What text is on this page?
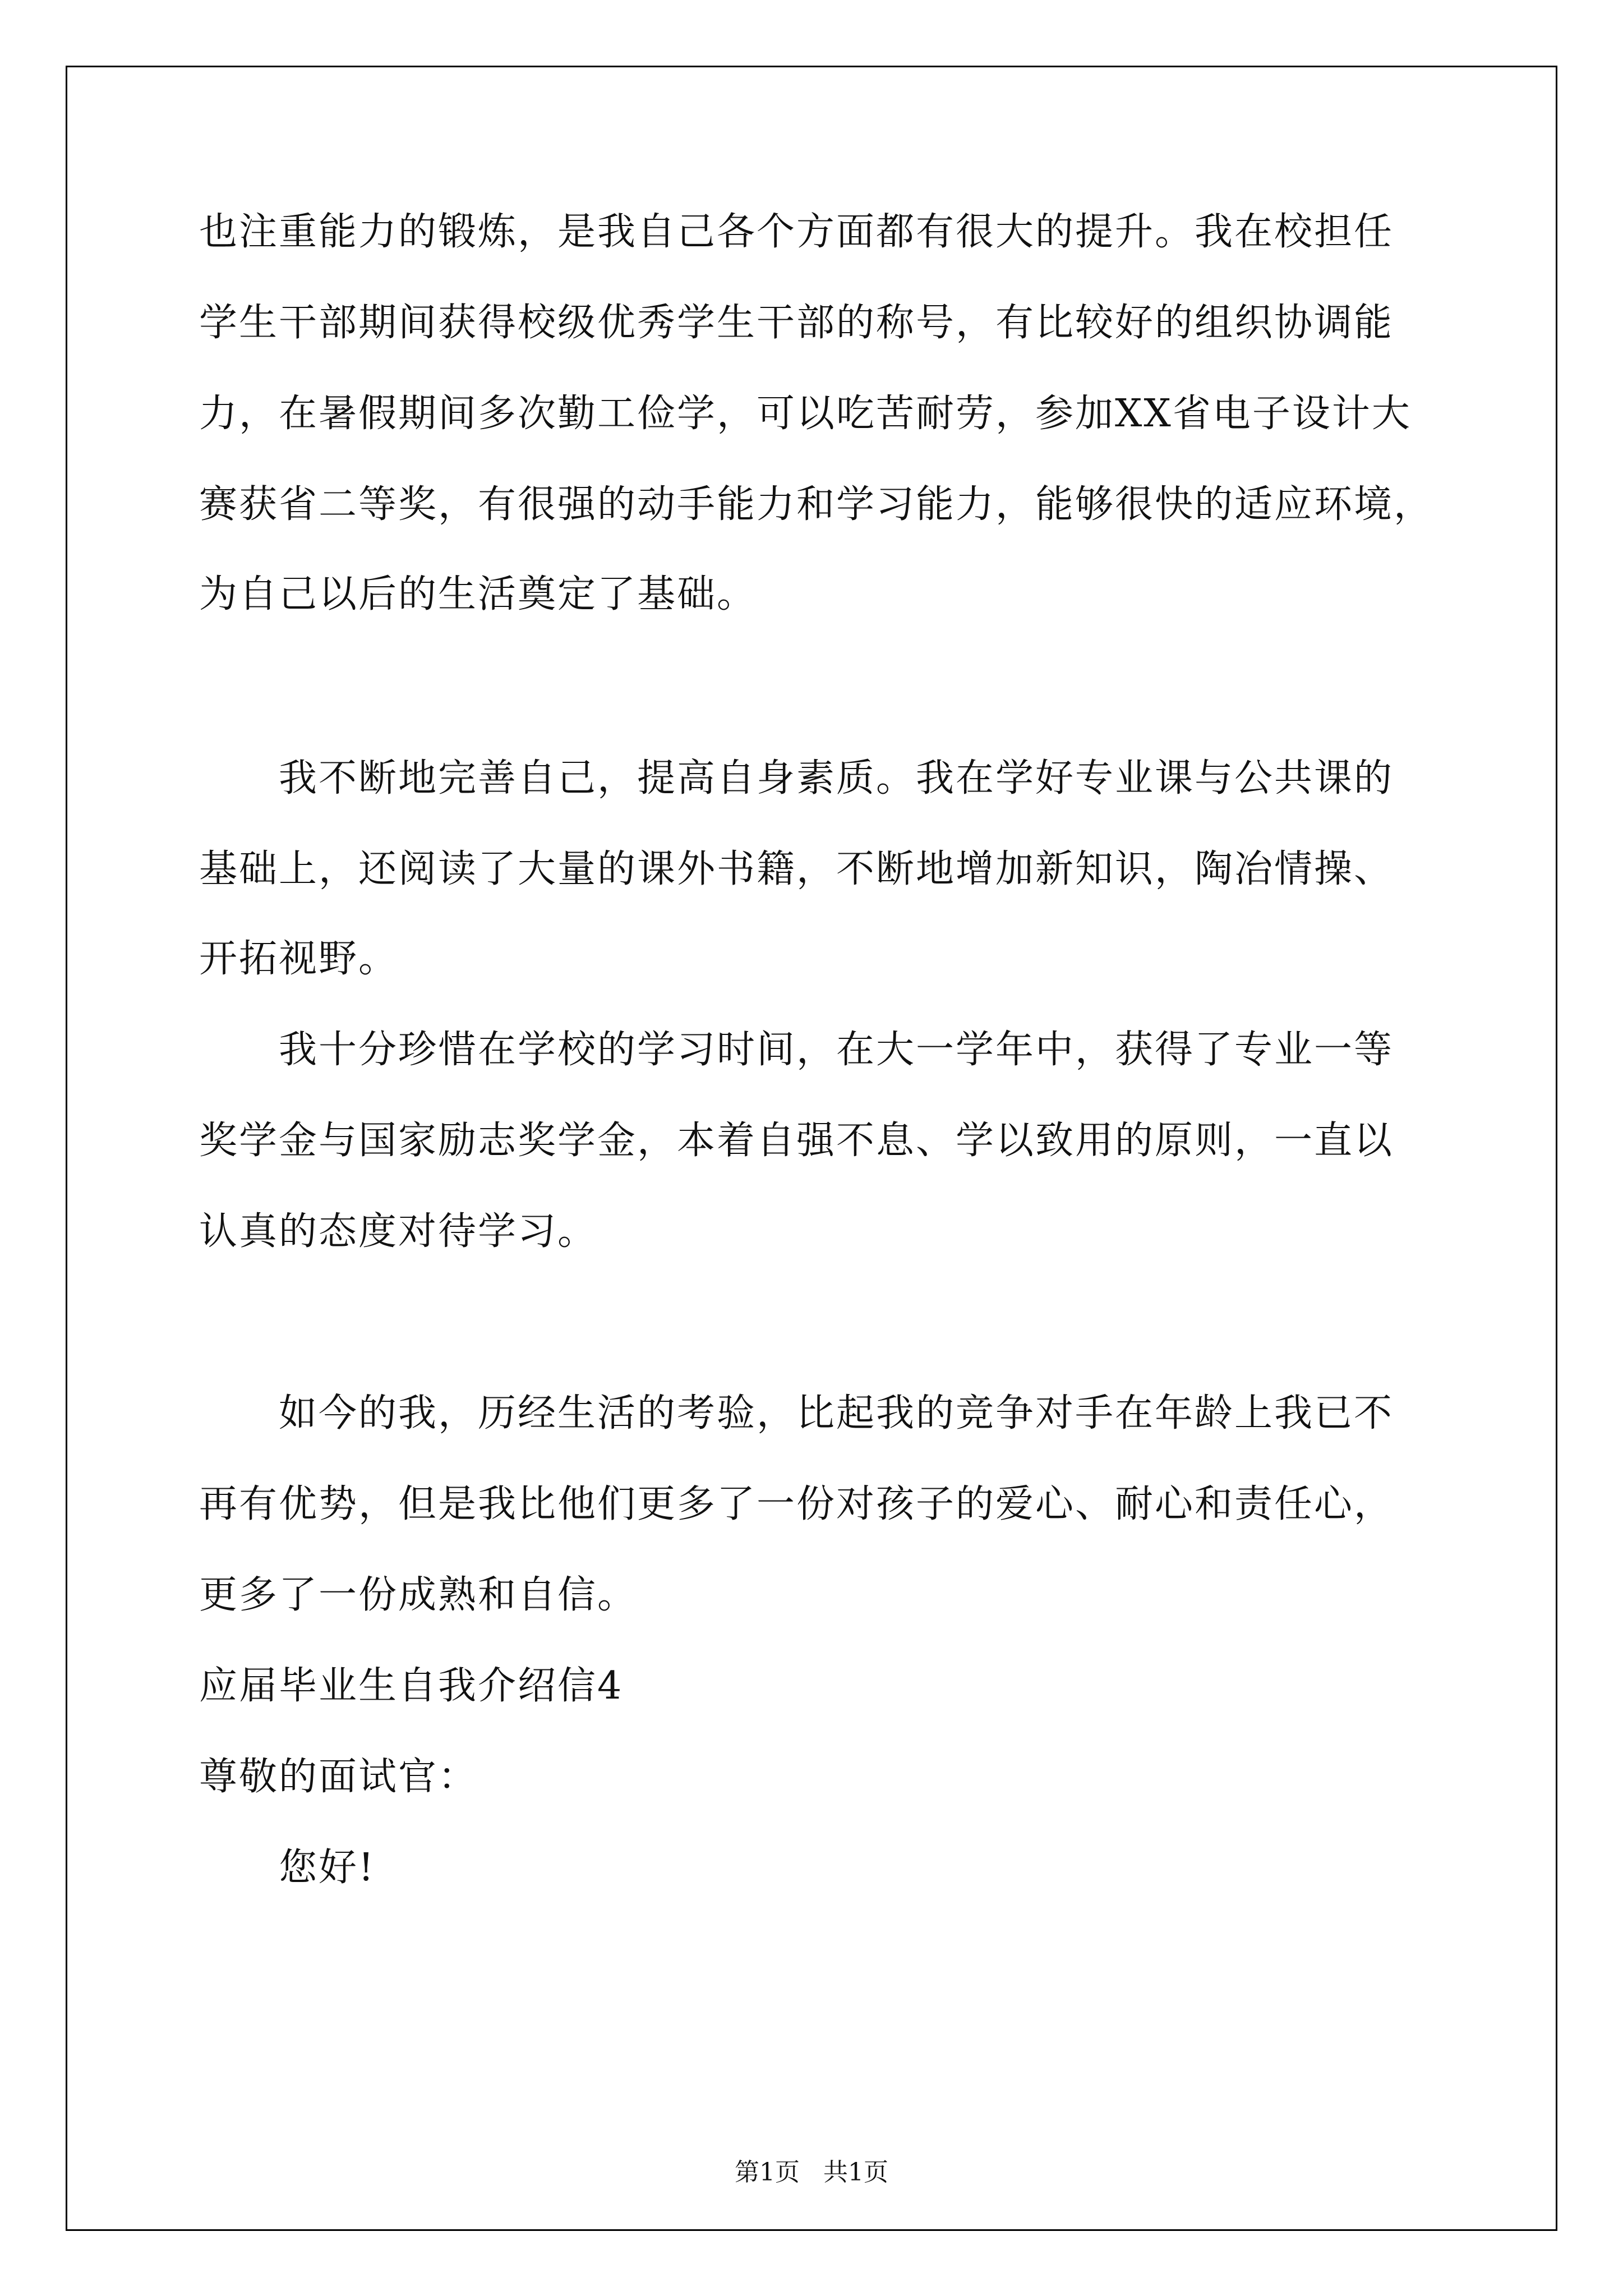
也注重能力的锻炼，是我自己各个方面都有很大的提升。我在校担任
学生干部期间获得校级优秀学生干部的称号，有比较好的组织协调能
力，在暑假期间多次勤工俭学，可以吃苦耐劳，参加XX省电子设计大
赛获省二等奖，有很强的动手能力和学习能力，能够很快的适应环境，
为自己以后的生活奠定了基础。
我不断地完善自己，提高自身素质。我在学好专业课与公共课的
基础上，还阅读了大量的课外书籍，不断地增加新知识，陶冶情操、
开拓视野。
我十分珍惜在学校的学习时间，在大一学年中，获得了专业一等
奖学金与国家励志奖学金，本着自强不息、学以致用的原则，一直以
认真的态度对待学习。
如今的我，历经生活的考验，比起我的竞争对手在年龄上我已不
再有优势，但是我比他们更多了一份对孩子的爱心、耐心和责任心，
更多了一份成熟和自信。
应届毕业生自我介绍信4
尊敬的面试官：
您好!
第1页   共1页
